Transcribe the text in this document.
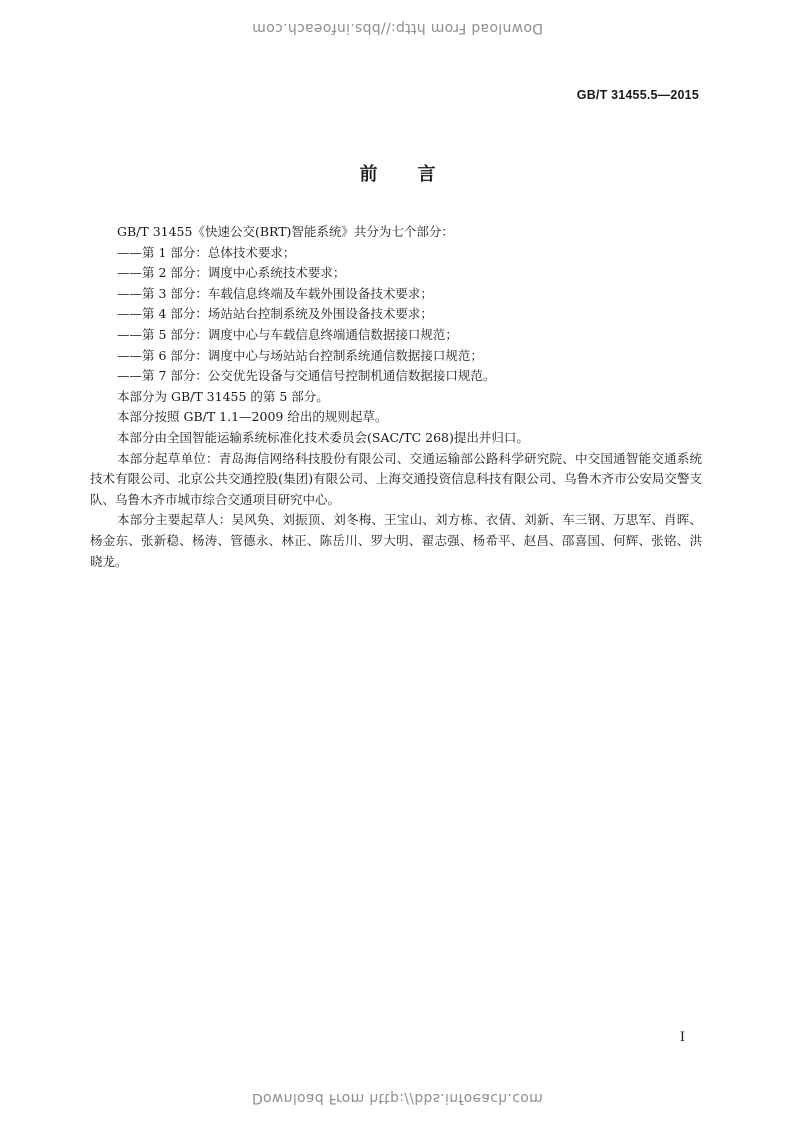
Download From http://bbs.infoeach.com
GB/T 31455.5—2015
前言

GB/T 31455《快速公交(BRT)智能系统》共分为七个部分：

——第 1 部分：总体技术要求；

——第 2 部分：调度中心系统技术要求；

——第 3 部分：车载信息终端及车载外围设备技术要求；

——第 4 部分：场站站台控制系统及外围设备技术要求；

——第 5 部分：调度中心与车载信息终端通信数据接口规范；

——第 6 部分：调度中心与场站站台控制系统通信数据接口规范；

——第 7 部分：公交优先设备与交通信号控制机通信数据接口规范。

本部分为 GB/T 31455 的第 5 部分。

本部分按照 GB/T 1.1—2009 给出的规则起草。

本部分由全国智能运输系统标准化技术委员会(SAC/TC 268)提出并归口。

本部分起草单位：青岛海信网络科技股份有限公司、交通运输部公路科学研究院、中交国通智能交通系统技术有限公司、北京公共交通控股(集团)有限公司、上海交通投资信息科技有限公司、乌鲁木齐市公安局交警支队、乌鲁木齐市城市综合交通项目研究中心。

本部分主要起草人：吴风奂、刘振顶、刘冬梅、王宝山、刘方栋、衣倩、刘新、车三钢、万思军、肖晖、杨金东、张新稳、杨涛、管德永、林正、陈岳川、罗大明、翟志强、杨希平、赵昌、邵喜国、何辉、张铭、洪晓龙。

I
Download From http://bbs.infoeach.com
